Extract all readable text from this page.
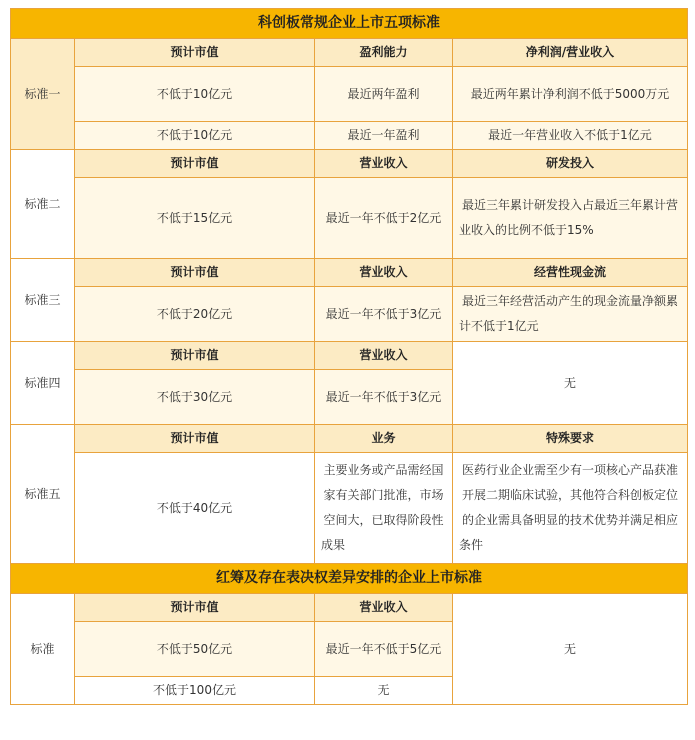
科创板常规企业上市五项标准			
标准一	预计市值	盈利能力	净利润/营业收入
	不低于10亿元	最近两年盈利	最近两年累计净利润不低于5000万元
	不低于10亿元	最近一年盈利	最近一年营业收入不低于1亿元
标准二	预计市值	营业收入	研发投入
	不低于15亿元	最近一年不低于2亿元	最近三年累计研发投入占最近三年累计营业收入的比例不低于15%
标准三	预计市值	营业收入	经营性现金流
	不低于20亿元	最近一年不低于3亿元	最近三年经营活动产生的现金流量净额累计不低于1亿元
标准四	预计市值	营业收入	无
	不低于30亿元	最近一年不低于3亿元	
标准五	预计市值	业务	特殊要求
	不低于40亿元	主要业务或产品需经国家有关部门批准，市场空间大，已取得阶段性成果	医药行业企业需至少有一项核心产品获准开展二期临床试验，其他符合科创板定位的企业需具备明显的技术优势并满足相应条件
红筹及存在表决权差异安排的企业上市标准			
标准	预计市值	营业收入	无
	不低于50亿元	最近一年不低于5亿元	
	不低于100亿元	无	
